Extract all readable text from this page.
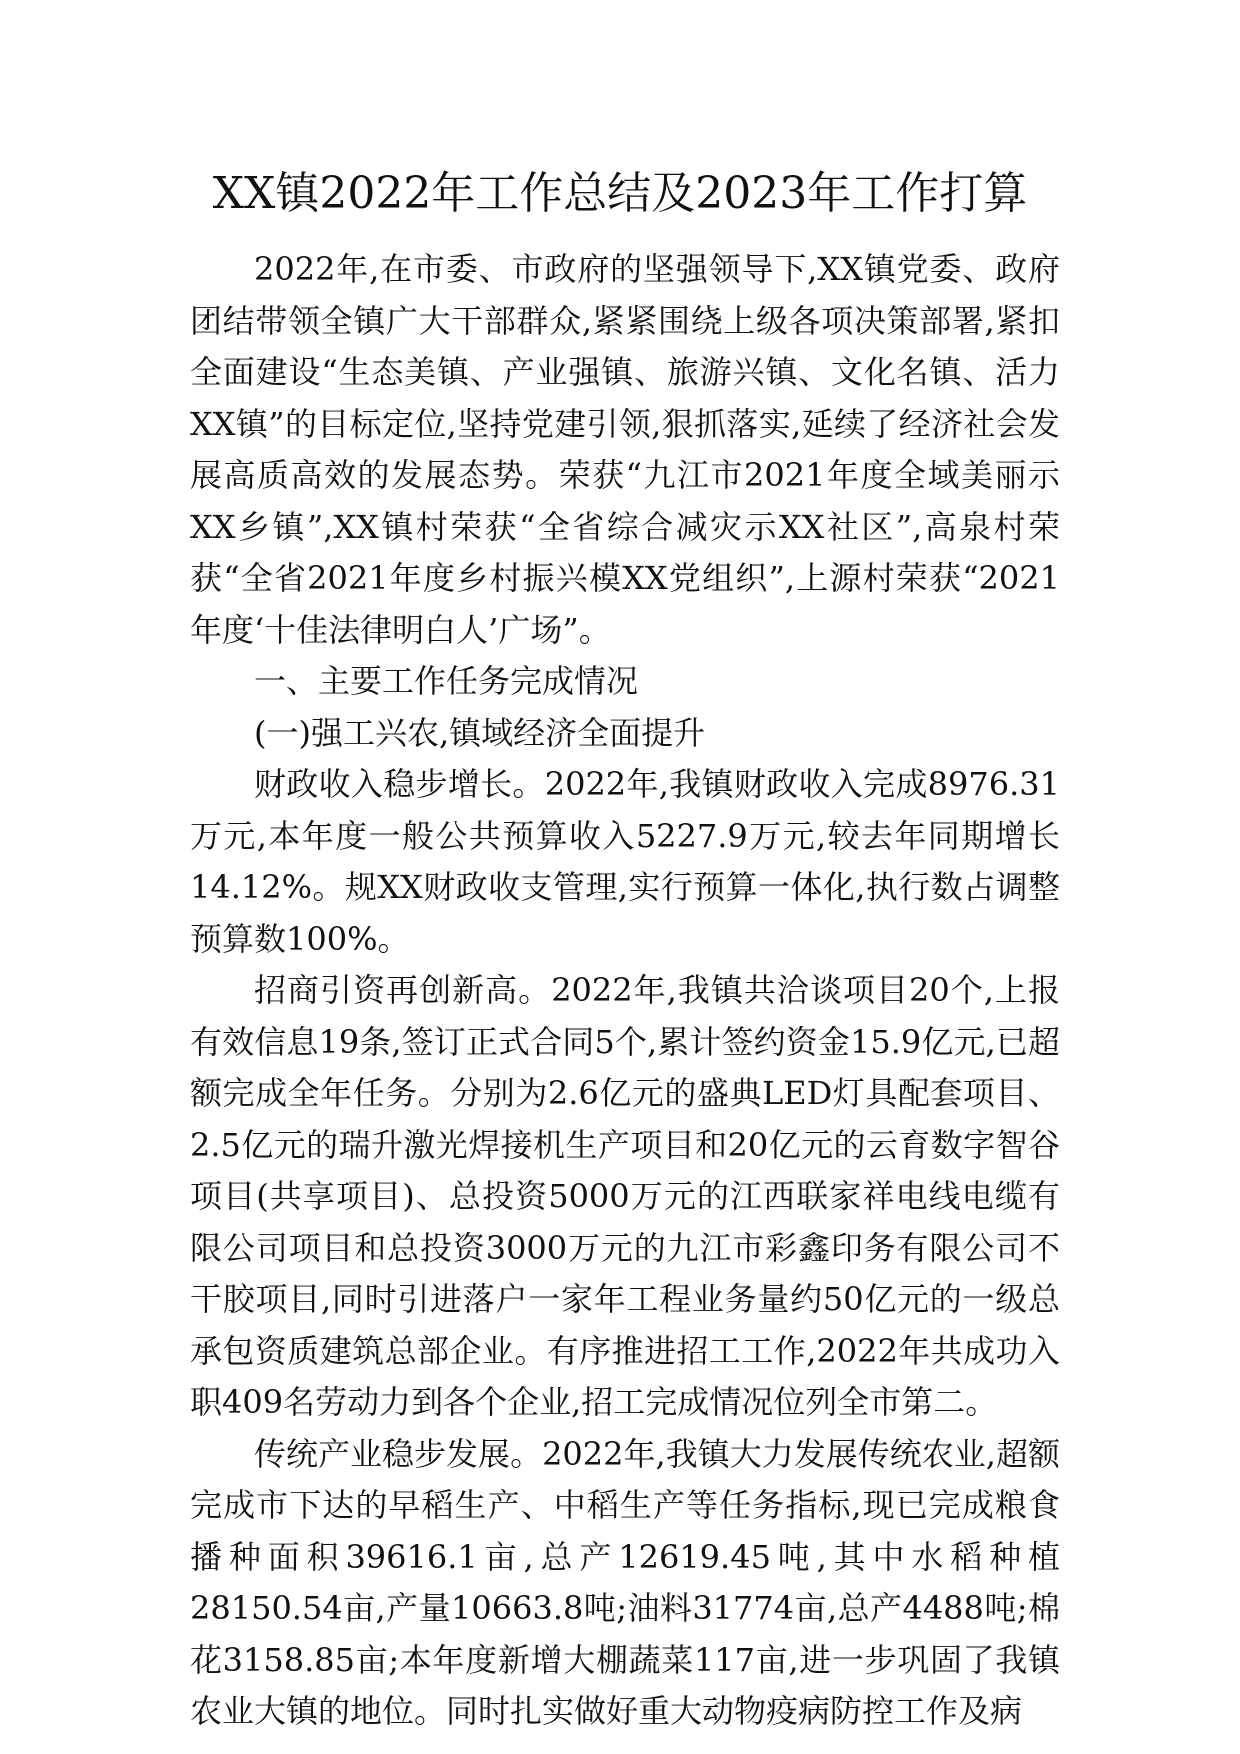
XX镇2022年工作总结及2023年工作打算

2022年,在市委、市政府的坚强领导下,XX镇党委、政府团结带领全镇广大干部群众,紧紧围绕上级各项决策部署,紧扣全面建设“生态美镇、产业强镇、旅游兴镇、文化名镇、活力XX镇”的目标定位,坚持党建引领,狠抓落实,延续了经济社会发展高质高效的发展态势。荣获“九江市2021年度全域美丽示XX乡镇”,XX镇村荣获“全省综合减灾示XX社区”,高泉村荣获“全省2021年度乡村振兴模XX党组织”,上源村荣获“2021年度‘十佳法律明白人’广场”。

一、主要工作任务完成情况

(一)强工兴农,镇域经济全面提升

财政收入稳步增长。2022年,我镇财政收入完成8976.31万元,本年度一般公共预算收入5227.9万元,较去年同期增长14.12%。规XX财政收支管理,实行预算一体化,执行数占调整预算数100%。

招商引资再创新高。2022年,我镇共洽谈项目20个,上报有效信息19条,签订正式合同5个,累计签约资金15.9亿元,已超额完成全年任务。分别为2.6亿元的盛典LED灯具配套项目、2.5亿元的瑞升激光焊接机生产项目和20亿元的云育数字智谷项目(共享项目)、总投资5000万元的江西联家祥电线电缆有限公司项目和总投资3000万元的九江市彩鑫印务有限公司不干胶项目,同时引进落户一家年工程业务量约50亿元的一级总承包资质建筑总部企业。有序推进招工工作,2022年共成功入职409名劳动力到各个企业,招工完成情况位列全市第二。

传统产业稳步发展。2022年,我镇大力发展传统农业,超额完成市下达的早稻生产、中稻生产等任务指标,现已完成粮食播种面积39616.1亩,总产12619.45吨,其中水稻种植28150.54亩,产量10663.8吨;油料31774亩,总产4488吨;棉花3158.85亩;本年度新增大棚蔬菜117亩,进一步巩固了我镇农业大镇的地位。同时扎实做好重大动物疫病防控工作及病
